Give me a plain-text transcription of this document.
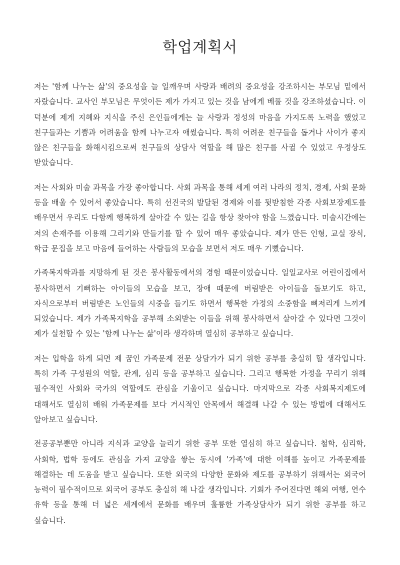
학업계획서

저는 '함께 나누는 삶'의 중요성을 늘 일깨우며 사랑과 배려의 중요성을 강조하시는 부모님 밑에서 자랐습니다. 교사인 부모님은 무엇이든 제가 가지고 있는 것을 남에게 베풀 것을 강조하셨습니다. 이 덕분에 제게 지혜와 지식을 주신 은인들에게는 늘 사랑과 정성의 마음을 가지도록 노력을 했었고 친구들과는 기쁨과 어려움을 함께 나누고자 애썼습니다. 특히 어려운 친구들을 돕거나 사이가 좋지 않은 친구들을 화해시킴으로써 친구들의 상담사 역할을 해 많은 친구를 사귈 수 있었고 우정상도 받았습니다.

저는 사회와 미술 과목을 가장 좋아합니다. 사회 과목을 통해 세계 여러 나라의 정치, 경제, 사회 문화 등을 배울 수 있어서 좋았습니다. 특히 선진국의 발달된 경제와 이를 뒷받침한 각종 사회보장제도를 배우면서 우리도 다함께 행복하게 살아갈 수 있는 길을 항상 찾아야 함을 느꼈습니다. 미술시간에는 저의 손재주를 이용해 그리기와 만들기를 할 수 있어 매우 좋았습니다. 제가 만든 인형, 교실 장식, 학급 문집을 보고 마음에 들어하는 사람들의 모습을 보면서 저도 매우 기뻤습니다.

가족복지학과를 지망하게 된 것은 봉사활동에서의 경험 때문이었습니다. 일일교사로 어린이집에서 봉사하면서 기뻐하는 아이들의 모습을 보고, 장애 때문에 버림받은 아이들을 돌보기도 하고, 자식으로부터 버림받은 노인들의 시중을 들기도 하면서 행복한 가정의 소중함을 뼈저리게 느끼게 되었습니다. 제가 가족복지학을 공부해 소외받는 이들을 위해 봉사하면서 살아갈 수 있다면 그것이 제가 실천할 수 있는 '함께 나누는 삶'이라 생각하며 열심히 공부하고 싶습니다.

저는 입학을 하게 되면 제 꿈인 가족문제 전문 상담가가 되기 위한 공부를 충실히 할 생각입니다. 특히 가족 구성원의 역할, 관계, 심리 등을 공부하고 싶습니다. 그리고 행복한 가정을 꾸리기 위해 필수적인 사회와 국가의 역할에도 관심을 기울이고 싶습니다. 마지막으로 각종 사회복지제도에 대해서도 열심히 배워 가족문제를 보다 거시적인 안목에서 해결해 나갈 수 있는 방법에 대해서도 알아보고 싶습니다.

전공공부뿐만 아니라 지식과 교양을 늘리기 위한 공부 또한 열심히 하고 싶습니다. 철학, 심리학, 사회학, 법학 등에도 관심을 가져 교양을 쌓는 동시에 '가족'에 대한 이해를 높이고 가족문제를 해결하는 데 도움을 받고 싶습니다. 또한 외국의 다양한 문화와 제도를 공부하기 위해서는 외국어 능력이 필수적이므로 외국어 공부도 충실히 해 나갈 생각입니다. 기회가 주어진다면 해외 여행, 연수 유학 등을 통해 더 넓은 세계에서 문화를 배우며 훌륭한 가족상담사가 되기 위한 공부를 하고 싶습니다.
